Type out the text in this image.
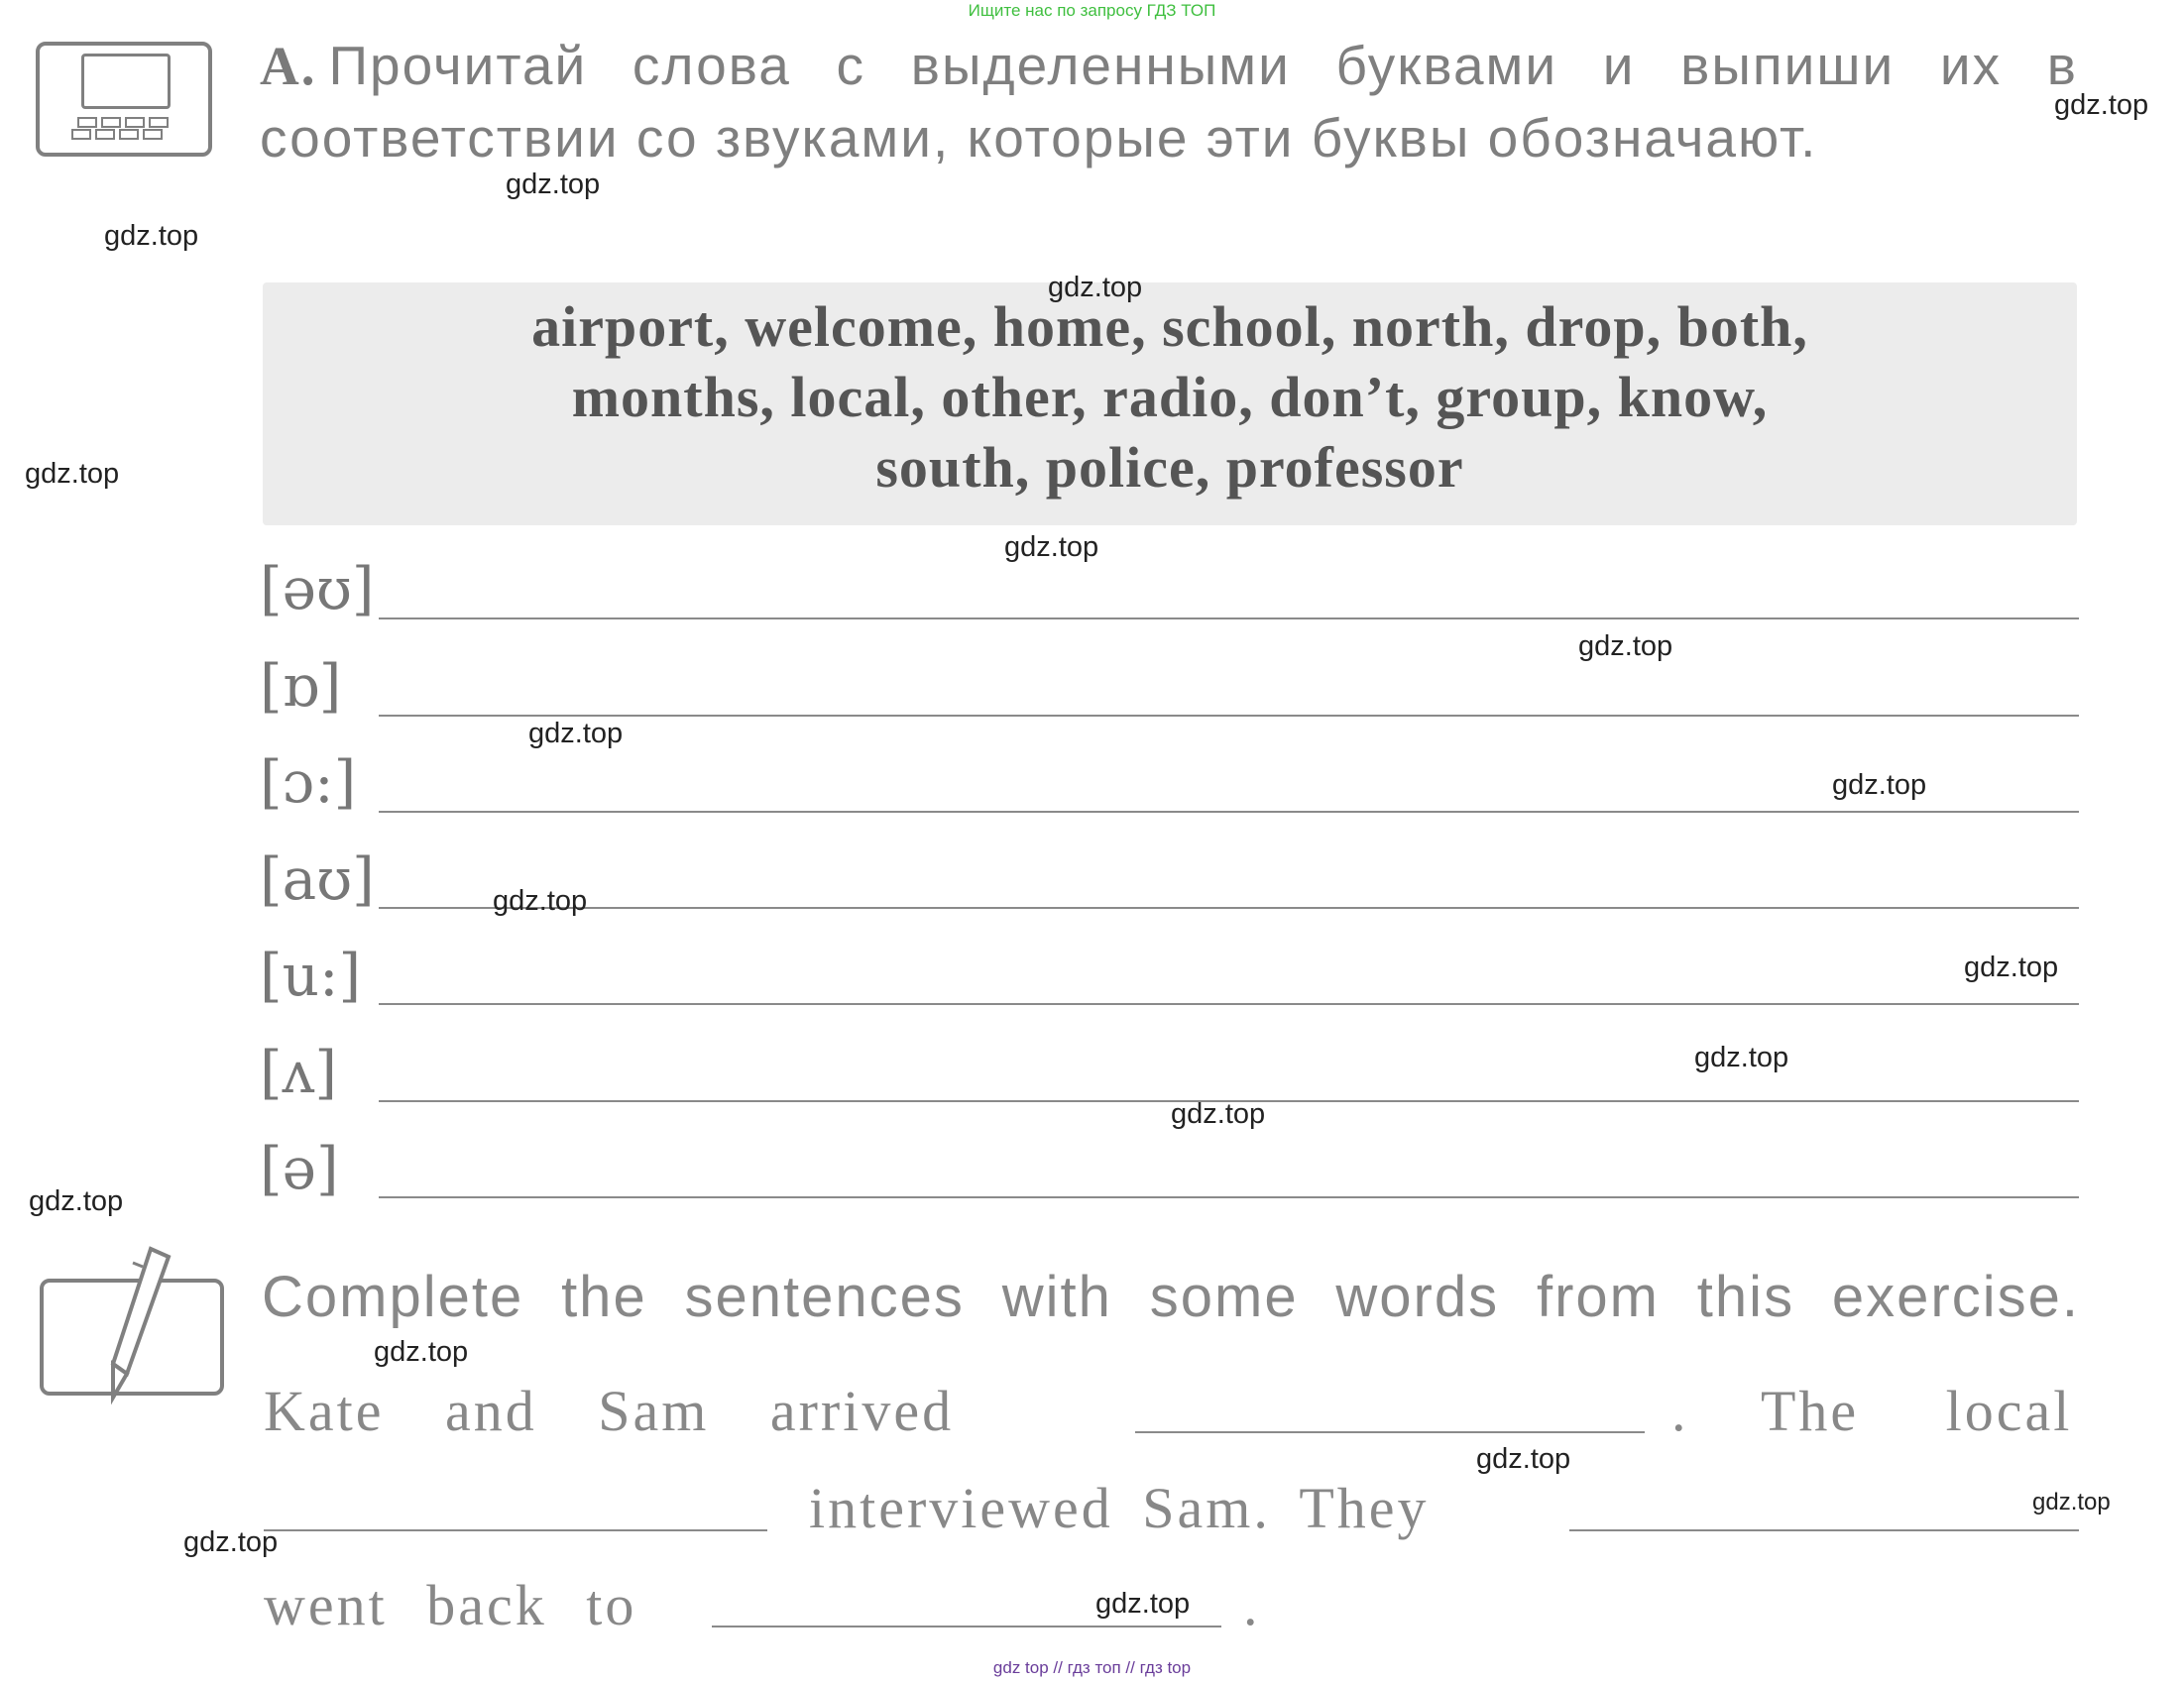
Ищите нас по запросу ГДЗ ТОП
A. Прочитай слова с выделенными буквами и выпиши их в соответствии со звуками, которые эти буквы обозначают.
airport, welcome, home, school, north, drop, both,
months, local, other, radio, don’t, group, know,
south, police, professor
[əʊ]
[ɒ]
[ɔ:]
[aʊ]
[u:]
[ʌ]
[ə]
Complete the sentences with some words from this exercise.
Kate and Sam arrived	. The local
interviewed Sam. They
went back to	.
gdz.top
gdz.top
gdz.top
gdz.top
gdz.top
gdz.top
gdz.top
gdz.top
gdz.top
gdz.top
gdz.top
gdz.top
gdz.top
gdz.top
gdz.top
gdz.top
gdz.top
gdz.top
gdz.top
gdz top // гдз топ // гдз top
